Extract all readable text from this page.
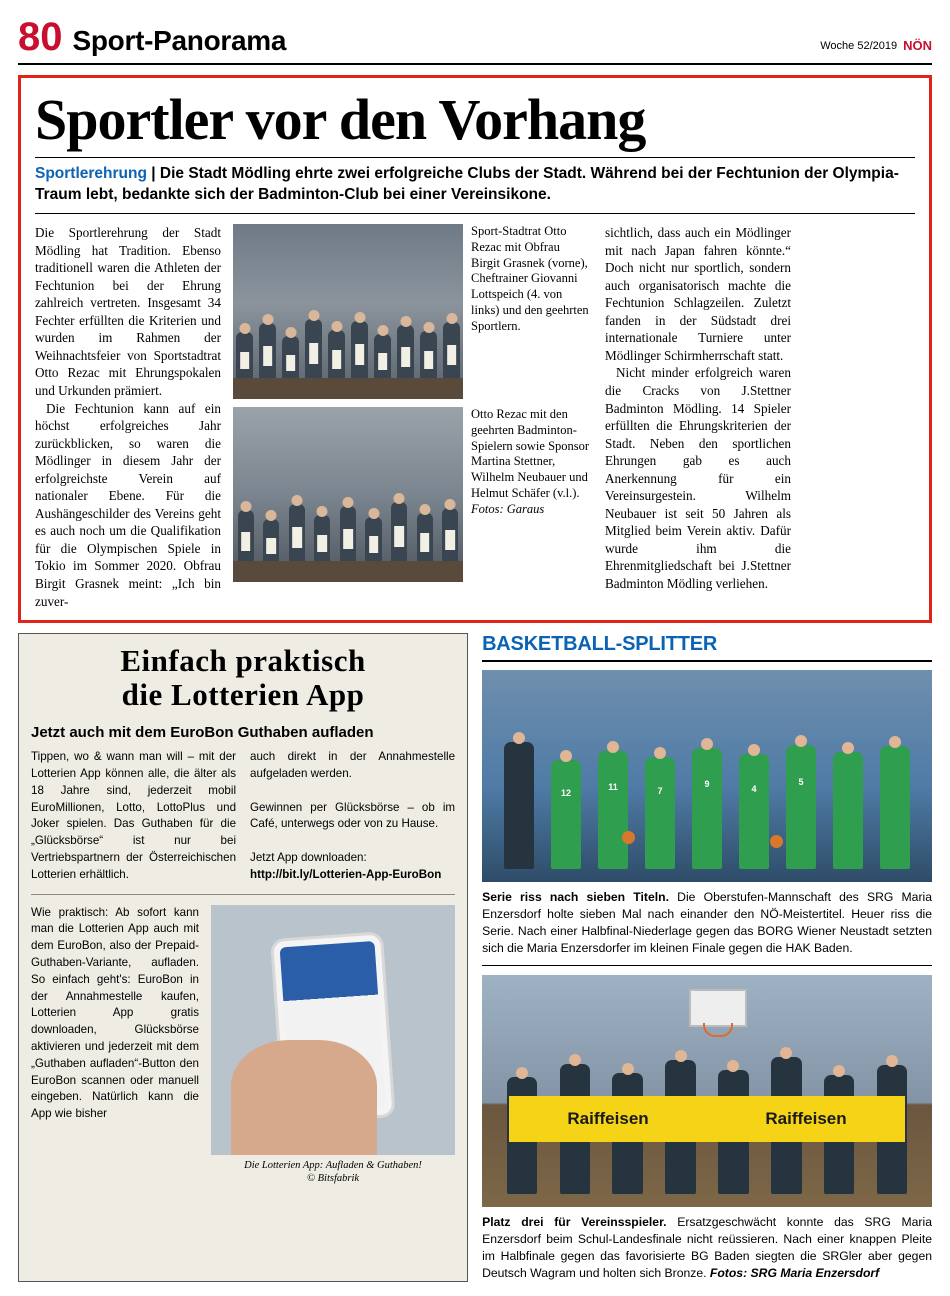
80 Sport-Panorama	Woche 52/2019 NÖN
Sportler vor den Vorhang
Sportlerehrung | Die Stadt Mödling ehrte zwei erfolgreiche Clubs der Stadt. Während bei der Fechtunion der Olympia-Traum lebt, bedankte sich der Badminton-Club bei einer Vereinsikone.

Die Sportlerehrung der Stadt Mödling hat Tradition. Ebenso traditionell waren die Athleten der Fechtunion bei der Ehrung zahlreich vertreten. Insgesamt 34 Fechter erfüllten die Kriterien und wurden im Rahmen der Weihnachtsfeier von Sportstadtrat Otto Rezac mit Ehrungspokalen und Urkunden prämiert.

Die Fechtunion kann auf ein höchst erfolgreiches Jahr zurückblicken, so waren die Mödlinger in diesem Jahr der erfolgreichste Verein auf nationaler Ebene. Für die Aushängeschilder des Vereins geht es auch noch um die Qualifikation für die Olympischen Spiele in Tokio im Sommer 2020. Obfrau Birgit Grasnek meint: „Ich bin zuver-

Sport-Stadtrat Otto Rezac mit Obfrau Birgit Grasnek (vorne), Cheftrainer Giovanni Lottspeich (4. von links) und den geehrten Sportlern.
Otto Rezac mit den geehrten Badminton-Spielern sowie Sponsor Martina Stettner, Wilhelm Neubauer und Helmut Schäfer (v.l.). Fotos: Garaus

sichtlich, dass auch ein Mödlinger mit nach Japan fahren könnte.“ Doch nicht nur sportlich, sondern auch organisatorisch machte die Fechtunion Schlagzeilen. Zuletzt fanden in der Südstadt drei internationale Turniere unter Mödlinger Schirmherrschaft statt.

Nicht minder erfolgreich waren die Cracks von J.Stettner Badminton Mödling. 14 Spieler erfüllten die Ehrungskriterien der Stadt. Neben den sportlichen Ehrungen gab es auch Anerkennung für ein Vereinsurgestein. Wilhelm Neubauer ist seit 50 Jahren als Mitglied beim Verein aktiv. Dafür wurde ihm die Ehrenmitgliedschaft bei J.Stettner Badminton Mödling verliehen.

Einfach praktisch
die Lotterien App
Jetzt auch mit dem EuroBon Guthaben aufladen
Tippen, wo & wann man will – mit der Lotterien App können alle, die älter als 18 Jahre sind, jederzeit mobil EuroMillionen, Lotto, LottoPlus und Joker spielen. Das Guthaben für die „Glücksbörse“ ist nur bei Vertriebspartnern der Österreichischen Lotterien erhältlich.
auch direkt in der Annahmestelle aufgeladen werden.

Gewinnen per Glücksbörse – ob im Café, unterwegs oder von zu Hause.

Jetzt App downloaden:
http://bit.ly/Lotterien-App-EuroBon
Wie praktisch: Ab sofort kann man die Lotterien App auch mit dem EuroBon, also der Prepaid-Guthaben-Variante, aufladen. So einfach geht's: EuroBon in der Annahmestelle kaufen, Lotterien App gratis downloaden, Glücksbörse aktivieren und jederzeit mit dem „Guthaben aufladen“-Button den EuroBon scannen oder manuell eingeben. Natürlich kann die App wie bisher
Die Lotterien App: Aufladen & Guthaben!
© Bitsfabrik
BASKETBALL-SPLITTER
12
11	7
9	4
5
Serie riss nach sieben Titeln. Die Oberstufen-Mannschaft des SRG Maria Enzersdorf holte sieben Mal nach einander den NÖ-Meistertitel. Heuer riss die Serie. Nach einer Halbfinal-Niederlage gegen das BORG Wiener Neustadt setzten sich die Maria Enzersdorfer im kleinen Finale gegen die HAK Baden.
Raiffeisen	Raiffeisen
Platz drei für Vereinsspieler. Ersatzgeschwächt konnte das SRG Maria Enzersdorf beim Schul-Landesfinale nicht reüssieren. Nach einer knappen Pleite im Halbfinale gegen das favorisierte BG Baden siegten die SRGler aber gegen Deutsch Wagram und holten sich Bronze. Fotos: SRG Maria Enzersdorf
